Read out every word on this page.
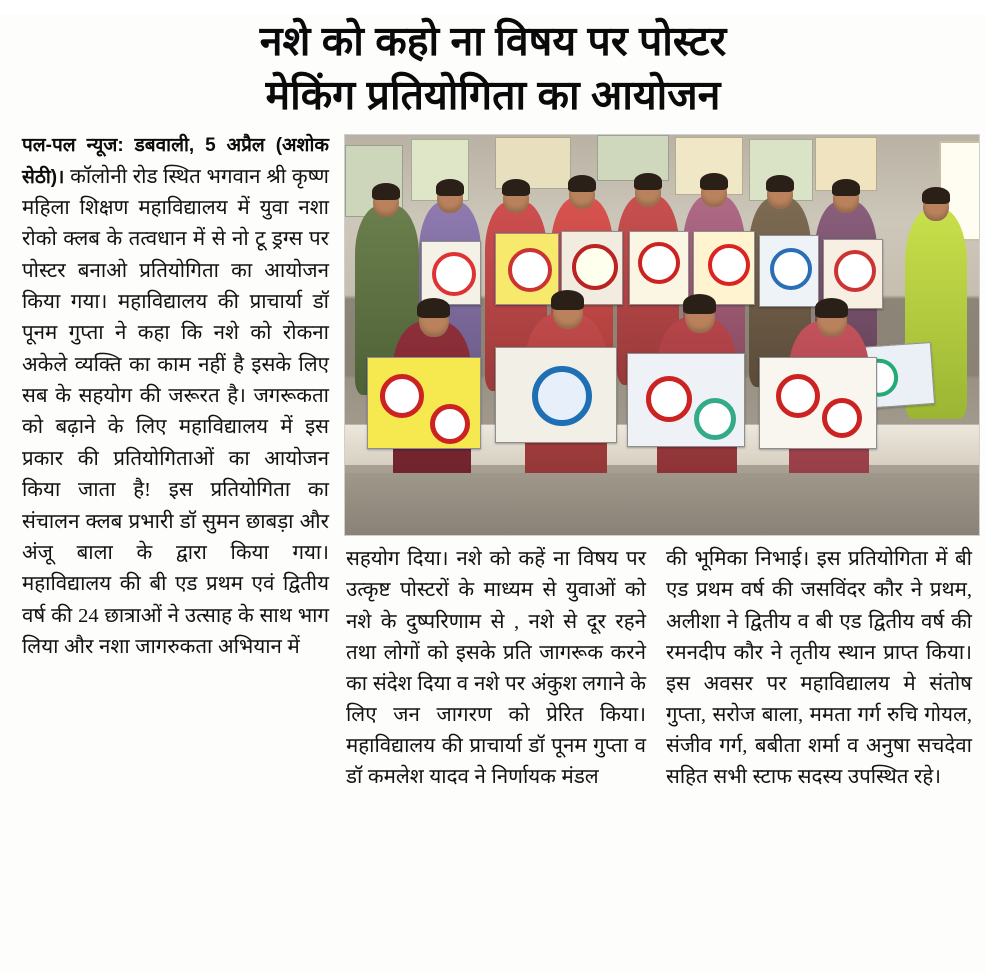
नशे को कहो ना विषय पर पोस्टर
मेकिंग प्रतियोगिता का आयोजन

पल-पल न्यूज: डबवाली, 5 अप्रैल (अशोक सेठी)। कॉलोनी रोड स्थित भगवान श्री कृष्ण महिला शिक्षण महाविद्यालय में युवा नशा रोको क्लब के तत्वधान में से नो टू ड्रग्स पर पोस्टर बनाओ प्रतियोगिता का आयोजन किया गया। महाविद्यालय की प्राचार्या डॉ पूनम गुप्ता ने कहा कि नशे को रोकना अकेले व्यक्ति का काम नहीं है इसके लिए सब के सहयोग की जरूरत है। जगरूकता को बढ़ाने के लिए महाविद्यालय में इस प्रकार की प्रतियोगिताओं का आयोजन किया जाता है! इस प्रतियोगिता का संचालन क्लब प्रभारी डॉ सुमन छाबड़ा और अंजू बाला के द्वारा किया गया। महाविद्यालय की बी एड प्रथम एवं द्वितीय वर्ष की 24 छात्राओं ने उत्साह के साथ भाग लिया और नशा जागरुकता अभियान में

सहयोग दिया। नशे को कहें ना विषय पर उत्कृष्ट पोस्टरों के माध्यम से युवाओं को नशे के दुष्परिणाम से , नशे से दूर रहने तथा लोगों को इसके प्रति जागरूक करने का संदेश दिया व नशे पर अंकुश लगाने के लिए जन जागरण को प्रेरित किया। महाविद्यालय की प्राचार्या डॉ पूनम गुप्ता व डॉ कमलेश यादव ने निर्णायक मंडल

की भूमिका निभाई। इस प्रतियोगिता में बी एड प्रथम वर्ष की जसविंदर कौर ने प्रथम, अलीशा ने द्वितीय व बी एड द्वितीय वर्ष की रमनदीप कौर ने तृतीय स्थान प्राप्त किया। इस अवसर पर महाविद्यालय मे संतोष गुप्ता, सरोज बाला, ममता गर्ग रुचि गोयल, संजीव गर्ग, बबीता शर्मा व अनुषा सचदेवा सहित सभी स्टाफ सदस्य उपस्थित रहे।
